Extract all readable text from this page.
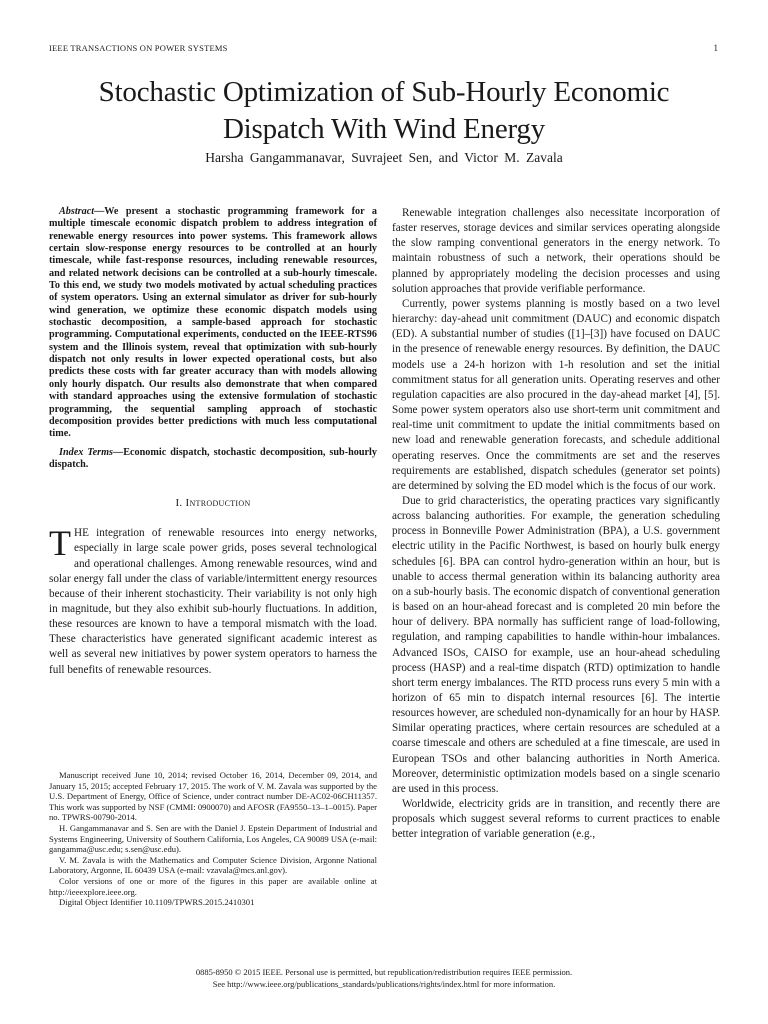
IEEE TRANSACTIONS ON POWER SYSTEMS	1
Stochastic Optimization of Sub-Hourly Economic
Dispatch With Wind Energy
Harsha Gangammanavar, Suvrajeet Sen, and Victor M. Zavala

Abstract—We present a stochastic programming framework for a multiple timescale economic dispatch problem to address integration of renewable energy resources into power systems. This framework allows certain slow-response energy resources to be controlled at an hourly timescale, while fast-response resources, including renewable resources, and related network decisions can be controlled at a sub-hourly timescale. To this end, we study two models motivated by actual scheduling practices of system operators. Using an external simulator as driver for sub-hourly wind generation, we optimize these economic dispatch models using stochastic decomposition, a sample-based approach for stochastic programming. Computational experiments, conducted on the IEEE-RTS96 system and the Illinois system, reveal that optimization with sub-hourly dispatch not only results in lower expected operational costs, but also predicts these costs with far greater accuracy than with models allowing only hourly dispatch. Our results also demonstrate that when compared with standard approaches using the extensive formulation of stochastic programming, the sequential sampling approach of stochastic decomposition provides better predictions with much less computational time.

Index Terms—Economic dispatch, stochastic decomposition, sub-hourly dispatch.

I. Introduction

THE integration of renewable resources into energy networks, especially in large scale power grids, poses several technological and operational challenges. Among renewable resources, wind and solar energy fall under the class of variable/intermittent energy resources because of their inherent stochasticity. Their variability is not only high in magnitude, but they also exhibit sub-hourly fluctuations. In addition, these resources are known to have a temporal mismatch with the load. These characteristics have generated significant academic interest as well as several new initiatives by power system operators to harness the full benefits of renewable resources.

Manuscript received June 10, 2014; revised October 16, 2014, December 09, 2014, and January 15, 2015; accepted February 17, 2015. The work of V. M. Zavala was supported by the U.S. Department of Energy, Office of Science, under contract number DE-AC02-06CH11357. This work was supported by NSF (CMMI: 0900070) and AFOSR (FA9550–13–1–0015). Paper no. TPWRS-00790-2014.

H. Gangammanavar and S. Sen are with the Daniel J. Epstein Department of Industrial and Systems Engineering, University of Southern California, Los Angeles, CA 90089 USA (e-mail: gangamma@usc.edu; s.sen@usc.edu).

V. M. Zavala is with the Mathematics and Computer Science Division, Argonne National Laboratory, Argonne, IL 60439 USA (e-mail: vzavala@mcs.anl.gov).

Color versions of one or more of the figures in this paper are available online at http://ieeexplore.ieee.org.

Digital Object Identifier 10.1109/TPWRS.2015.2410301

Renewable integration challenges also necessitate incorporation of faster reserves, storage devices and similar services operating alongside the slow ramping conventional generators in the energy network. To maintain robustness of such a network, their operations should be planned by appropriately modeling the decision processes and using solution approaches that provide verifiable performance.

Currently, power systems planning is mostly based on a two level hierarchy: day-ahead unit commitment (DAUC) and economic dispatch (ED). A substantial number of studies ([1]–[3]) have focused on DAUC in the presence of renewable energy resources. By definition, the DAUC models use a 24-h horizon with 1-h resolution and set the initial commitment status for all generation units. Operating reserves and other regulation capacities are also procured in the day-ahead market [4], [5]. Some power system operators also use short-term unit commitment and real-time unit commitment to update the initial commitments based on new load and renewable generation forecasts, and schedule additional operating reserves. Once the commitments are set and the reserves requirements are established, dispatch schedules (generator set points) are determined by solving the ED model which is the focus of our work.

Due to grid characteristics, the operating practices vary significantly across balancing authorities. For example, the generation scheduling process in Bonneville Power Administration (BPA), a U.S. government electric utility in the Pacific Northwest, is based on hourly bulk energy schedules [6]. BPA can control hydro-generation within an hour, but is unable to access thermal generation within its balancing authority area on a sub-hourly basis. The economic dispatch of conventional generation is based on an hour-ahead forecast and is completed 20 min before the hour of delivery. BPA normally has sufficient range of load-following, regulation, and ramping capabilities to handle within-hour imbalances. Advanced ISOs, CAISO for example, use an hour-ahead scheduling process (HASP) and a real-time dispatch (RTD) optimization to handle short term energy imbalances. The RTD process runs every 5 min with a horizon of 65 min to dispatch internal resources [6]. The intertie resources however, are scheduled non-dynamically for an hour by HASP. Similar operating practices, where certain resources are scheduled at a coarse timescale and others are scheduled at a fine timescale, are used in European TSOs and other balancing authorities in North America. Moreover, deterministic optimization models based on a single scenario are used in this process.

Worldwide, electricity grids are in transition, and recently there are proposals which suggest several reforms to current practices to enable better integration of variable generation (e.g.,

0885-8950 © 2015 IEEE. Personal use is permitted, but republication/redistribution requires IEEE permission.
See http://www.ieee.org/publications_standards/publications/rights/index.html for more information.
